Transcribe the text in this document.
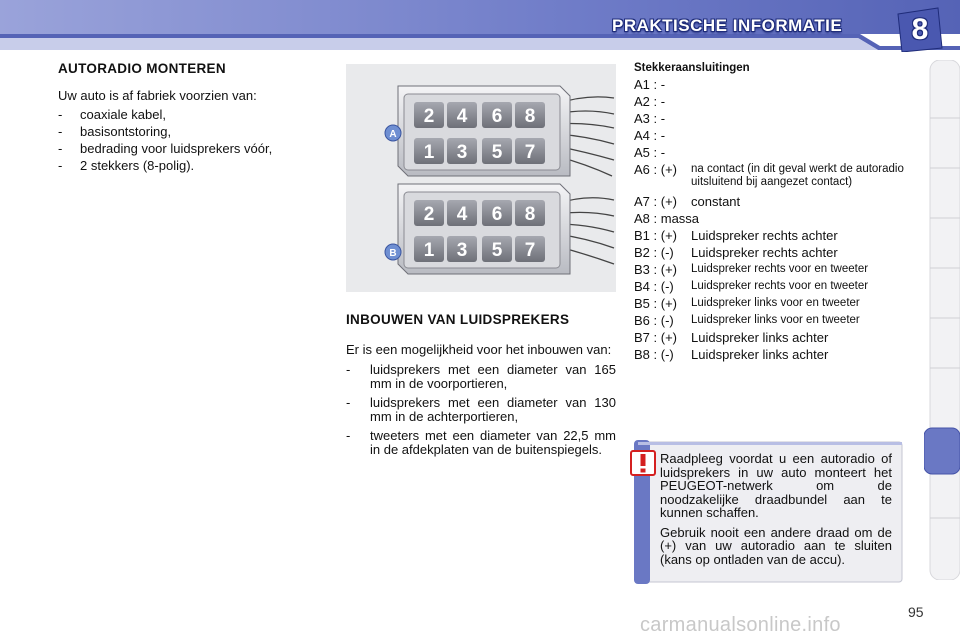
PRAKTISCHE INFORMATIE	8
AUTORADIO MONTEREN

Uw auto is af fabriek voorzien van:

- coaxiale kabel,
- basisontstoring,
- bedrading voor luidsprekers vóór,
- 2 stekkers (8-polig).
2 4 6 8
1 3 5 7
A
2 4 6 8
1 3 5 7
B
INBOUWEN VAN LUIDSPREKERS

Er is een mogelijkheid voor het inbouwen van:

- luidsprekers met een diameter van 165 mm in de voorportieren,
- luidsprekers met een diameter van 130 mm in de achterportieren,
- tweeters met een diameter van 22,5 mm in de afdekplaten van de buitenspiegels.
Stekkeraansluitingen
A1 : -
A2 : -
A3 : -
A4 : -
A5 : -
A6 : (+)	na contact (in dit geval werkt de autoradio uitsluitend bij aangezet contact)
A7 : (+)	constant
A8 : massa
B1 : (+)	Luidspreker rechts achter
B2 : (-)	Luidspreker rechts achter
B3 : (+)	Luidspreker rechts voor en tweeter
B4 : (-)	Luidspreker rechts voor en tweeter
B5 : (+)	Luidspreker links voor en tweeter
B6 : (-)	Luidspreker links voor en tweeter
B7 : (+)	Luidspreker links achter
B8 : (-)	Luidspreker links achter

Raadpleeg voordat u een autoradio of luidsprekers in uw auto monteert het PEUGEOT-netwerk om de noodzakelijke draadbundel aan te kunnen schaffen.

Gebruik nooit een andere draad om de (+) van uw autoradio aan te sluiten (kans op ontladen van de accu).

95
carmanualsonline.info
